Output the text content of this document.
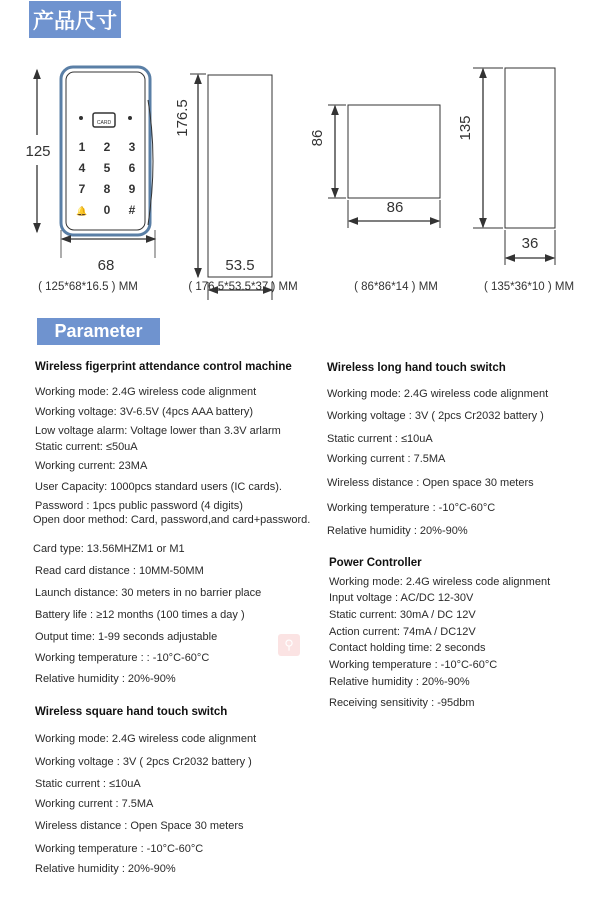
产品尺寸
CARD
1 2 3
4 5 6
7 8 9
🔔 0 #
125
68
( 125*68*16.5 ) MM
176.5
( 176.5*53.5*37 ) MM
86
86
( 86*86*14 ) MM
135
36
( 135*36*10 ) MM
53.5
Parameter
Wireless figerprint attendance control machine
Working mode: 2.4G wireless code alignment
Working voltage: 3V-6.5V (4pcs AAA battery)
Low voltage alarm: Voltage lower than 3.3V arlarm
Static current: ≤50uA
Working current: 23MA
User Capacity: 1000pcs standard users (IC cards).
Password : 1pcs public password (4 digits)
Open door method: Card, password,and card+password.
Card type: 13.56MHZM1 or M1
Read card distance : 10MM-50MM
Launch distance: 30 meters in no barrier place
Battery life : ≥12 months (100 times a day )
Output time: 1-99 seconds adjustable
Working temperature : : -10°C-60°C
Relative humidity : 20%-90%
Wireless square hand touch switch
Working mode: 2.4G wireless code alignment
Working voltage : 3V ( 2pcs Cr2032 battery )
Static current : ≤10uA
Working current : 7.5MA
Wireless distance : Open Space 30 meters
Working temperature : -10°C-60°C
Relative humidity : 20%-90%
Wireless long hand touch switch
Working mode: 2.4G wireless code alignment
Working voltage : 3V ( 2pcs Cr2032 battery )
Static current : ≤10uA
Working current : 7.5MA
Wireless distance : Open space 30 meters
Working temperature : -10°C-60°C
Relative humidity : 20%-90%
Power Controller
Working mode: 2.4G wireless code alignment
Input voltage : AC/DC 12-30V
Static current: 30mA / DC 12V
Action current: 74mA / DC12V
Contact holding time: 2 seconds
Working temperature : -10°C-60°C
Relative humidity : 20%-90%
Receiving sensitivity : -95dbm
⚲
